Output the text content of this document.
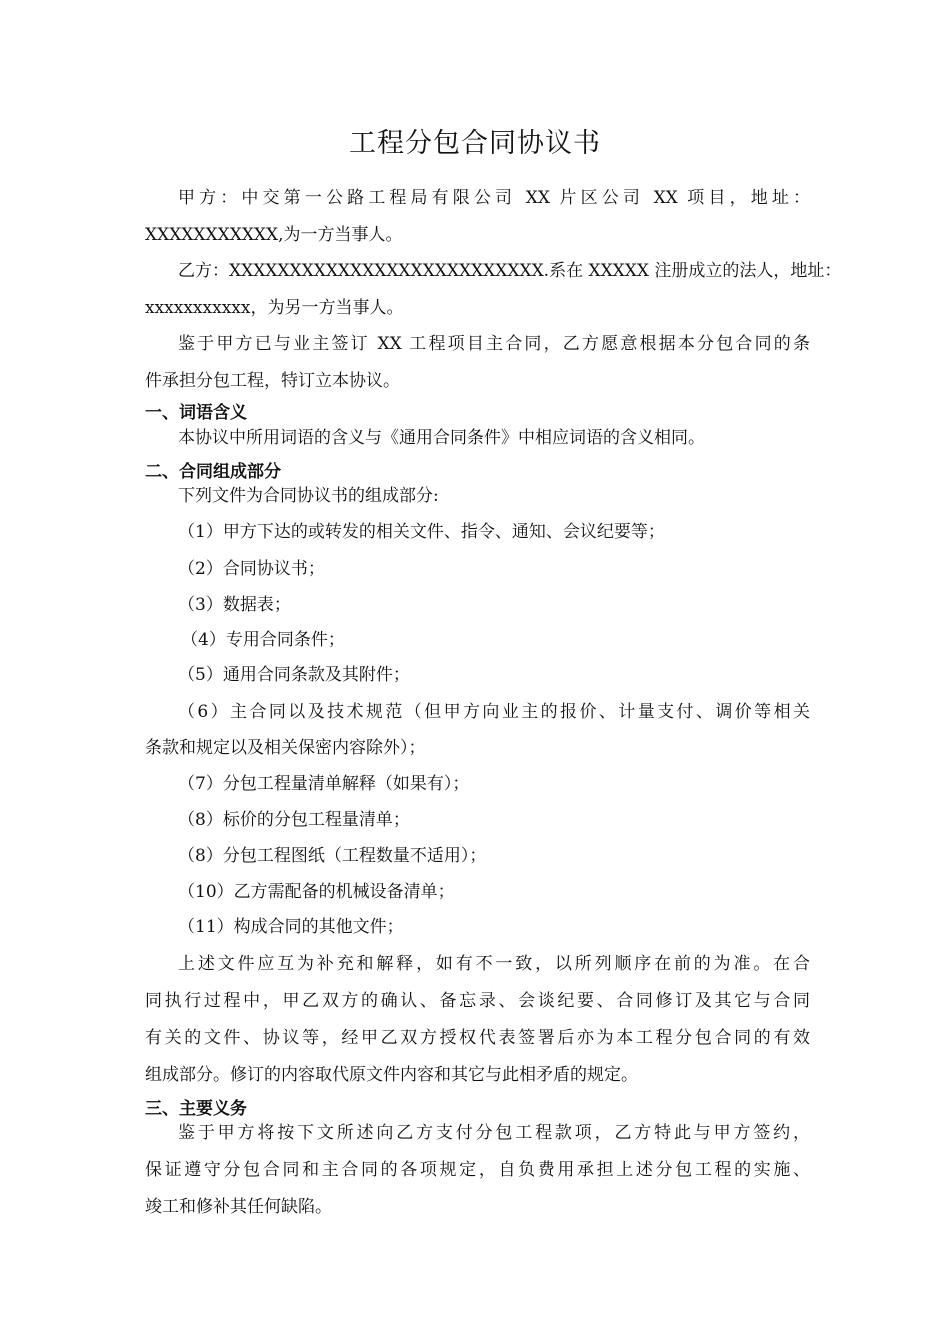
工程分包合同协议书
甲方：中交第一公路工程局有限公司 XX 片区公司 XX 项目，地址：
XXXXXXXXXXX,为一方当事人。
乙方：XXXXXXXXXXXXXXXXXXXXXXXXXX.系在 XXXXX 注册成立的法人，地址：
xxxxxxxxxxx，为另一方当事人。
鉴于甲方已与业主签订 XX 工程项目主合同，乙方愿意根据本分包合同的条
件承担分包工程，特订立本协议。
一、词语含义
本协议中所用词语的含义与《通用合同条件》中相应词语的含义相同。
二、合同组成部分
下列文件为合同协议书的组成部分:
（1）甲方下达的或转发的相关文件、指令、通知、会议纪要等；
（2）合同协议书；
（3）数据表；
（4）专用合同条件；
（5）通用合同条款及其附件；
（6）主合同以及技术规范（但甲方向业主的报价、计量支付、调价等相关
条款和规定以及相关保密内容除外）；
（7）分包工程量清单解释（如果有）；
（8）标价的分包工程量清单；
（8）分包工程图纸（工程数量不适用）；
（10）乙方需配备的机械设备清单；
（11）构成合同的其他文件；
上述文件应互为补充和解释，如有不一致，以所列顺序在前的为准。在合
同执行过程中，甲乙双方的确认、备忘录、会谈纪要、合同修订及其它与合同
有关的文件、协议等，经甲乙双方授权代表签署后亦为本工程分包合同的有效
组成部分。修订的内容取代原文件内容和其它与此相矛盾的规定。
三、主要义务
鉴于甲方将按下文所述向乙方支付分包工程款项，乙方特此与甲方签约，
保证遵守分包合同和主合同的各项规定，自负费用承担上述分包工程的实施、
竣工和修补其任何缺陷。
